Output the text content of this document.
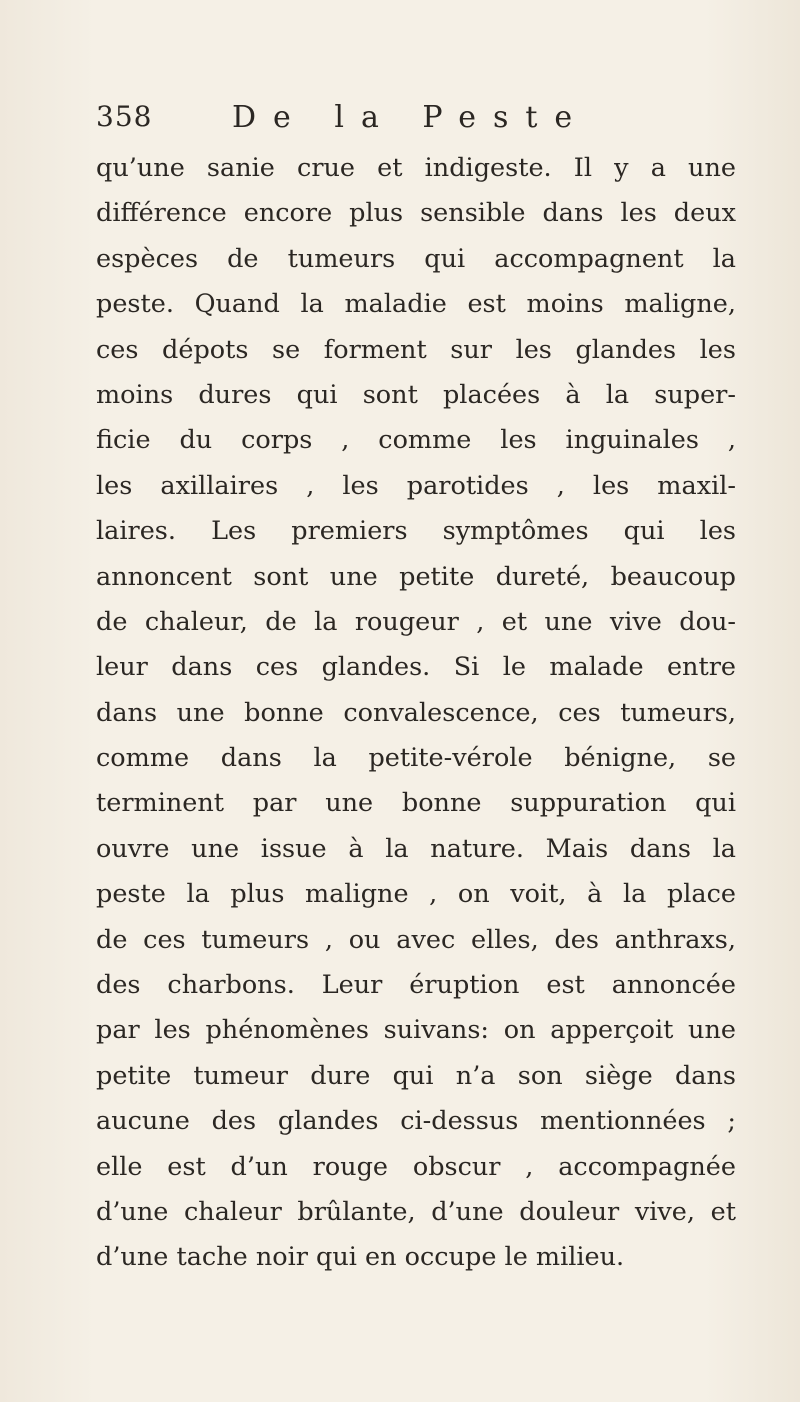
358	De la Peste
qu’une sanie crue et indigeste. Il y a une
différence encore plus sensible dans les deux
espèces de tumeurs qui accompagnent la
peste. Quand la maladie est moins maligne,
ces dépots se forment sur les glandes les
moins dures qui sont placées à la super-
ficie du corps , comme les inguinales ,
les axillaires , les parotides , les maxil-
laires. Les premiers symptômes qui les
annoncent sont une petite dureté, beaucoup
de chaleur, de la rougeur , et une vive dou-
leur dans ces glandes. Si le malade entre
dans une bonne convalescence, ces tumeurs,
comme dans la petite-vérole bénigne, se
terminent par une bonne suppuration qui
ouvre une issue à la nature. Mais dans la
peste la plus maligne , on voit, à la place
de ces tumeurs , ou avec elles, des anthraxs,
des charbons. Leur éruption est annoncée
par les phénomènes suivans: on apperçoit une
petite tumeur dure qui n’a son siège dans
aucune des glandes ci-dessus mentionnées ;
elle est d’un rouge obscur , accompagnée
d’une chaleur brûlante, d’une douleur vive, et
d’une tache noir qui en occupe le milieu.
